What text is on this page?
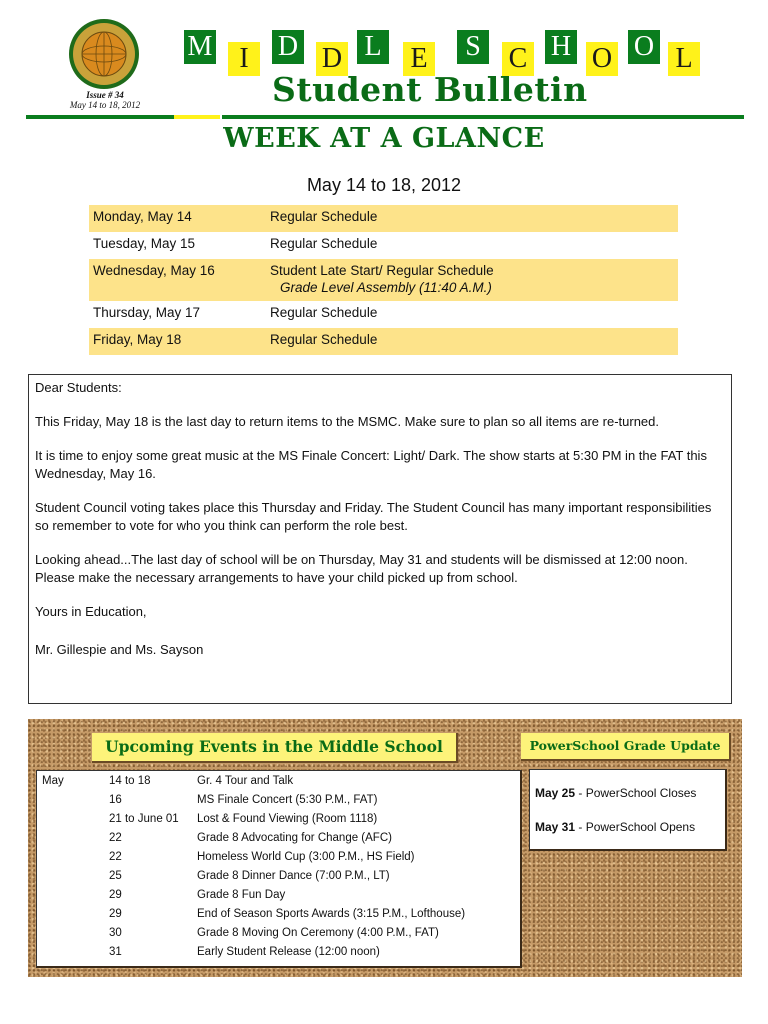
Issue # 34
May 14 to 18, 2012
M I	D D L E S C H O O L
Student Bulletin
WEEK AT A GLANCE
May 14 to 18, 2012
Monday, May 14	Regular Schedule
Tuesday, May 15	Regular Schedule
Wednesday, May 16	Student Late Start/ Regular Schedule
Grade Level Assembly (11:40 A.M.)
Thursday, May 17	Regular Schedule
Friday, May 18	Regular Schedule

Dear Students:

This Friday, May 18 is the last day to return items to the MSMC. Make sure to plan so all items are re-turned.

It is time to enjoy some great music at the MS Finale Concert: Light/ Dark. The show starts at 5:30 PM in the FAT this Wednesday, May 16.

Student Council voting takes place this Thursday and Friday. The Student Council has many important responsibilities so remember to vote for who you think can perform the role best.

Looking ahead...The last day of school will be on Thursday, May 31 and students will be dismissed at 12:00 noon. Please make the necessary arrangements to have your child picked up from school.

Yours in Education,

Mr. Gillespie and Ms. Sayson

Upcoming Events in the Middle School	PowerSchool Grade Update
May	14 to 18	Gr. 4 Tour and Talk
16	MS Finale Concert (5:30 P.M., FAT)
21 to June 01 Lost & Found Viewing (Room 1118)
22	Grade 8 Advocating for Change (AFC)
22	Homeless World Cup (3:00 P.M., HS Field)
25	Grade 8 Dinner Dance (7:00 P.M., LT)
29	Grade 8 Fun Day
29	End of Season Sports Awards (3:15 P.M., Lofthouse)
30	Grade 8 Moving On Ceremony (4:00 P.M., FAT)
31	Early Student Release (12:00 noon)
May 25 - PowerSchool Closes
May 31 - PowerSchool Opens
